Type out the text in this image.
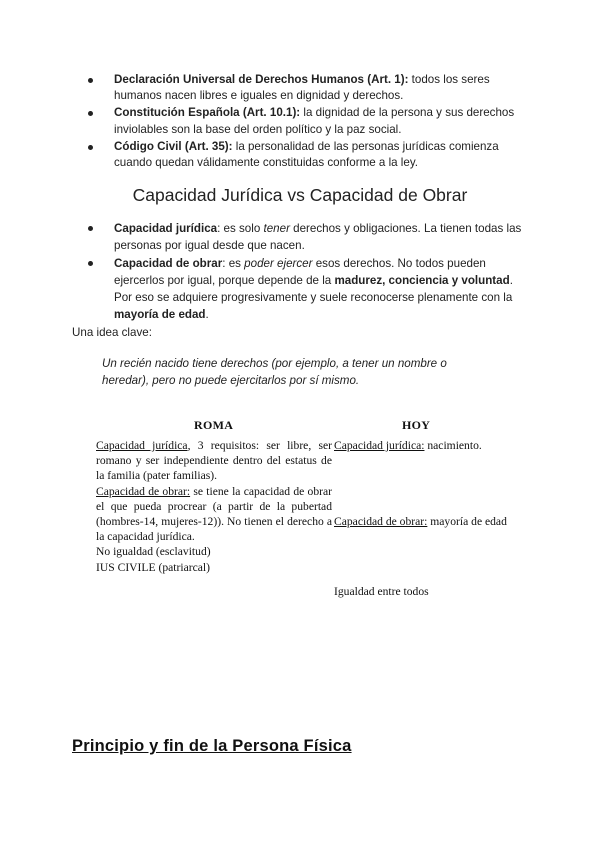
Declaración Universal de Derechos Humanos (Art. 1): todos los seres humanos nacen libres e iguales en dignidad y derechos.
Constitución Española (Art. 10.1): la dignidad de la persona y sus derechos inviolables son la base del orden político y la paz social.
Código Civil (Art. 35): la personalidad de las personas jurídicas comienza cuando quedan válidamente constituidas conforme a la ley.
Capacidad Jurídica vs Capacidad de Obrar
Capacidad jurídica: es solo tener derechos y obligaciones. La tienen todas las personas por igual desde que nacen.
Capacidad de obrar: es poder ejercer esos derechos. No todos pueden ejercerlos por igual, porque depende de la madurez, conciencia y voluntad. Por eso se adquiere progresivamente y suele reconocerse plenamente con la mayoría de edad.
Una idea clave:
Un recién nacido tiene derechos (por ejemplo, a tener un nombre o heredar), pero no puede ejercitarlos por sí mismo.
ROMA	HOY
Capacidad jurídica, 3 requisitos: ser libre, ser romano y ser independiente dentro del estatus de la familia (pater familias).
Capacidad de obrar: se tiene la capacidad de obrar el que pueda procrear (a partir de la pubertad (hombres-14, mujeres-12)). No tienen el derecho a la capacidad jurídica.
No igualdad (esclavitud)
IUS CIVILE (patriarcal)
Capacidad jurídica: nacimiento.
Capacidad de obrar: mayoría de edad
Igualdad entre todos
Principio y fin de la Persona Física
